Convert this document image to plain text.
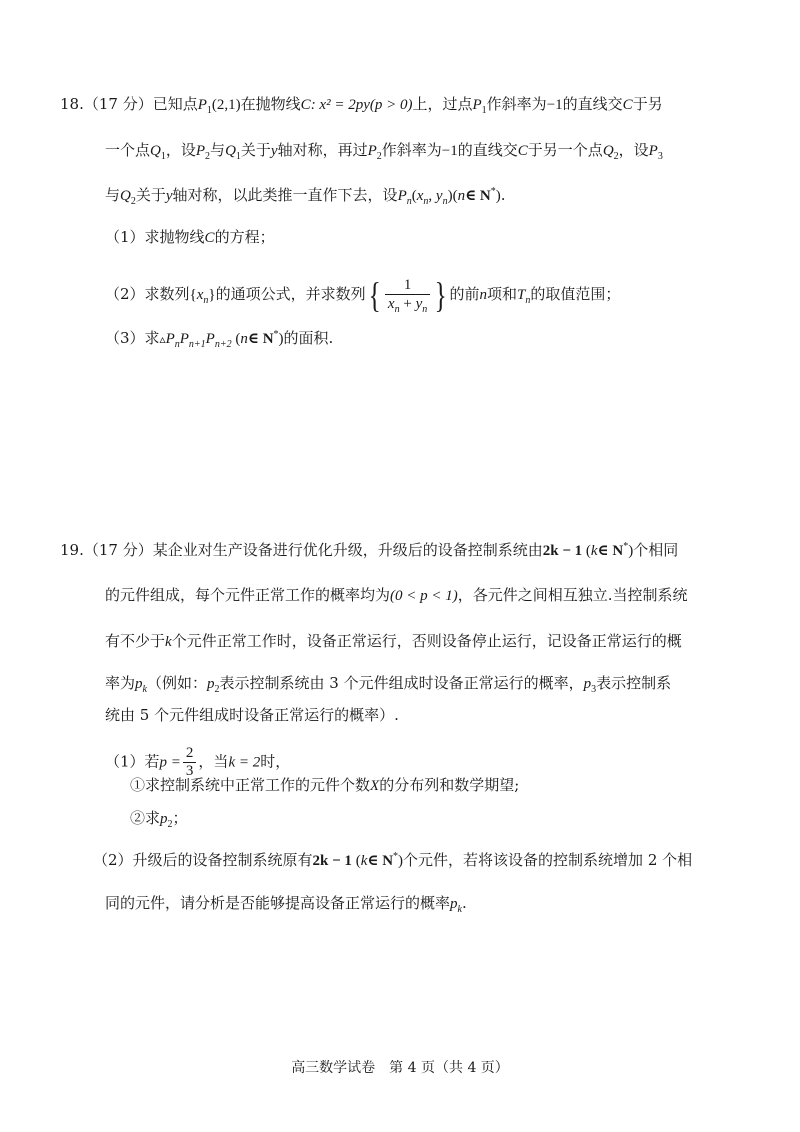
18.（17 分）已知点$P_1(2,1)$在抛物线C: x² = 2py(p > 0)上，过点$P_1$作斜率为−1的直线交C于另
一个点$Q_1$，设$P_2$与$Q_1$关于y轴对称，再过$P_2$作斜率为−1的直线交C于另一个点$Q_2$，设$P_3$
与$Q_2$关于y轴对称，以此类推一直作下去，设$P_n(x_n$, $y_n)(n\in$ N*).
（1）求抛物线C的方程；
（2）求数列$\{x_n\}$的通项公式，并求数列{ $\frac{1}{x_n + y_n}$ } 的前n项和$T_n$的取值范围；
（3）求$▵P_nP_{n+1}P_{n+2}$ (n∈ N*)的面积.
19.（17 分）某企业对生产设备进行优化升级，升级后的设备控制系统由2k − 1 (k∈ N*)个相同
的元件组成，每个元件正常工作的概率均为(0 < p < 1)，各元件之间相互独立.当控制系统
有不少于k个元件正常工作时，设备正常运行，否则设备停止运行，记设备正常运行的概
率为$p_k$（例如：$p_2$表示控制系统由 3 个元件组成时设备正常运行的概率，$p_3$表示控制系
统由 5 个元件组成时设备正常运行的概率）.
（1）若$p = \frac{2}{3}$ ，当k = 2时，
①求控制系统中正常工作的元件个数X的分布列和数学期望;
②求$p_2$；
（2）升级后的设备控制系统原有2k − 1 (k∈ N*)个元件，若将该设备的控制系统增加 2 个相
同的元件，请分析是否能够提高设备正常运行的概率$p_k$.
高三数学试卷　第 4 页（共 4 页）
